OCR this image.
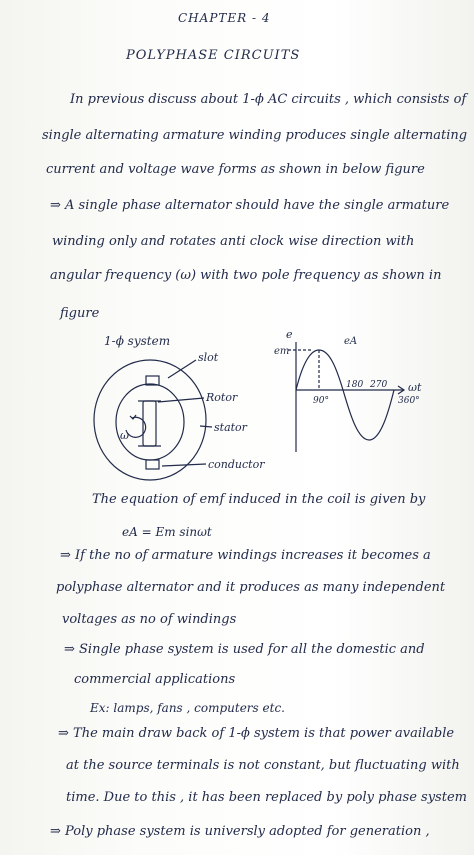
CHAPTER - 4
POLYPHASE CIRCUITS
In previous discuss about 1-ϕ AC circuits , which consists of
single alternating armature winding produces single alternating
current and voltage wave forms as shown in below figure
⇒ A single phase alternator should have the single armature
winding only and rotates anti clock wise direction with
angular frequency (ω) with two pole frequency as shown in
figure
1-ϕ system
slot
Rotor
stator
conductor
ω
e
em
eA
ωt
90°
180 270
360°
The equation of emf induced in the coil is given by
eA = Em sinωt
⇒ If the no of armature windings increases it becomes a
polyphase alternator and it produces as many independent
voltages as no of windings
⇒ Single phase system is used for all the domestic and
commercial applications
Ex: lamps, fans , computers etc.
⇒ The main draw back of 1-ϕ system is that power available
at the source terminals is not constant, but fluctuating with
time. Due to this , it has been replaced by poly phase system
⇒ Poly phase system is universly adopted for generation ,
